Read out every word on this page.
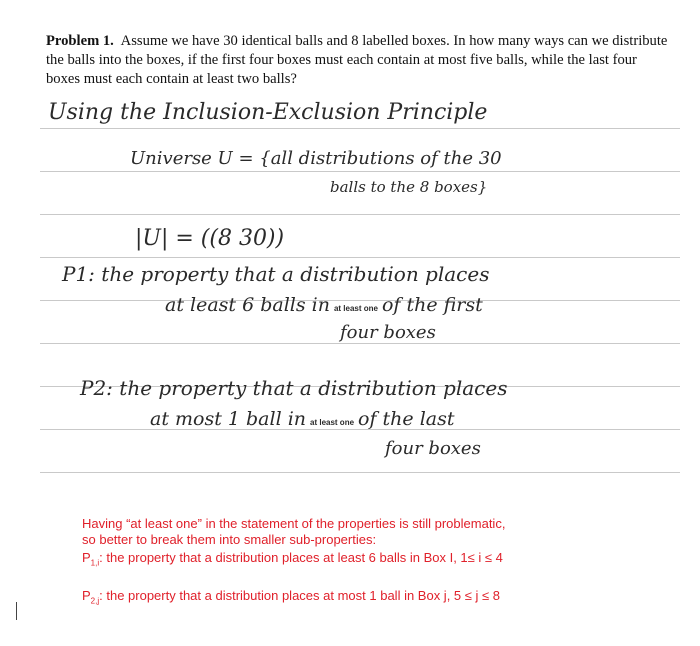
Problem 1. Assume we have 30 identical balls and 8 labelled boxes. In how many ways can we distribute the balls into the boxes, if the first four boxes must each contain at most five balls, while the last four boxes must each contain at least two balls?
Using the Inclusion-Exclusion Principle
Universe U = {all distributions of the 30
balls to the 8 boxes}
|U| = ((8 30))
P1: the property that a distribution places
at least 6 balls in at least one of the first
four boxes
P2: the property that a distribution places
at most 1 ball in at least one of the last
four boxes
Having “at least one” in the statement of the properties is still problematic,
so better to break them into smaller sub-properties:
$P_{1,i}$: the property that a distribution places at least 6 balls in Box I, 1≤ i ≤ 4
$P_{2,j}$: the property that a distribution places at most 1 ball in Box j, 5 ≤ j ≤ 8
